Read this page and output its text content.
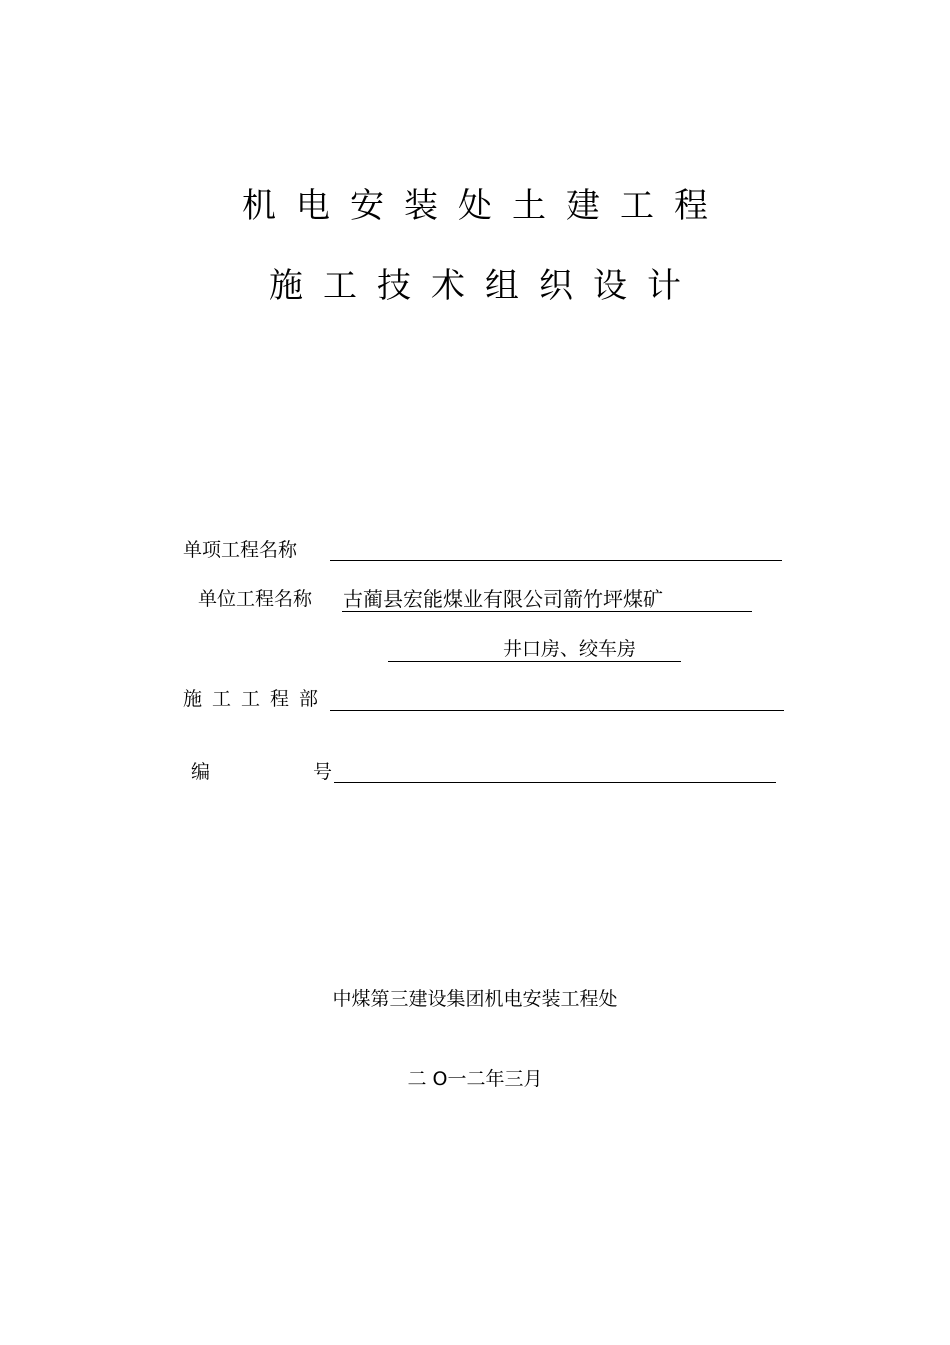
机电安装处土建工程
施工技术组织设计
单项工程名称
单位工程名称 古蔺县宏能煤业有限公司箭竹坪煤矿
井口房、绞车房
施工工程部
编	号
中煤第三建设集团机电安装工程处
二 O一二年三月
